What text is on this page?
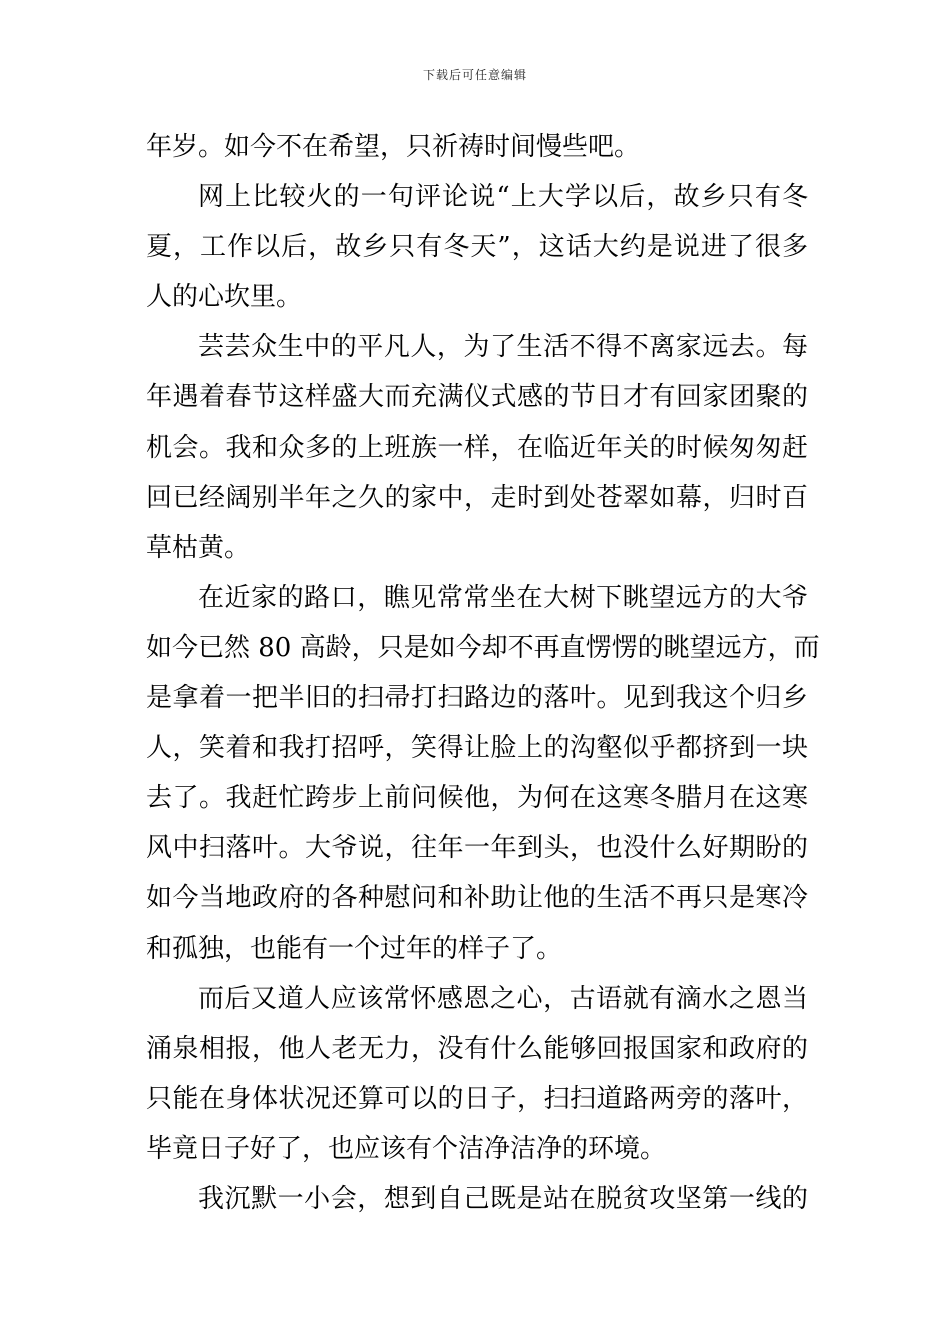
下载后可任意编辑
年岁。如今不在希望，只祈祷时间慢些吧。
网上比较火的一句评论说“上大学以后，故乡只有冬
夏，工作以后，故乡只有冬天”，这话大约是说进了很多
人的心坎里。
芸芸众生中的平凡人，为了生活不得不离家远去。每
年遇着春节这样盛大而充满仪式感的节日才有回家团聚的
机会。我和众多的上班族一样，在临近年关的时候匆匆赶
回已经阔别半年之久的家中，走时到处苍翠如幕，归时百
草枯黄。
在近家的路口，瞧见常常坐在大树下眺望远方的大爷
如今已然 80 高龄，只是如今却不再直愣愣的眺望远方，而
是拿着一把半旧的扫帚打扫路边的落叶。见到我这个归乡
人，笑着和我打招呼，笑得让脸上的沟壑似乎都挤到一块
去了。我赶忙跨步上前问候他，为何在这寒冬腊月在这寒
风中扫落叶。大爷说，往年一年到头，也没什么好期盼的
如今当地政府的各种慰问和补助让他的生活不再只是寒冷
和孤独，也能有一个过年的样子了。
而后又道人应该常怀感恩之心，古语就有滴水之恩当
涌泉相报，他人老无力，没有什么能够回报国家和政府的
只能在身体状况还算可以的日子，扫扫道路两旁的落叶，
毕竟日子好了，也应该有个洁净洁净的环境。
我沉默一小会，想到自己既是站在脱贫攻坚第一线的
